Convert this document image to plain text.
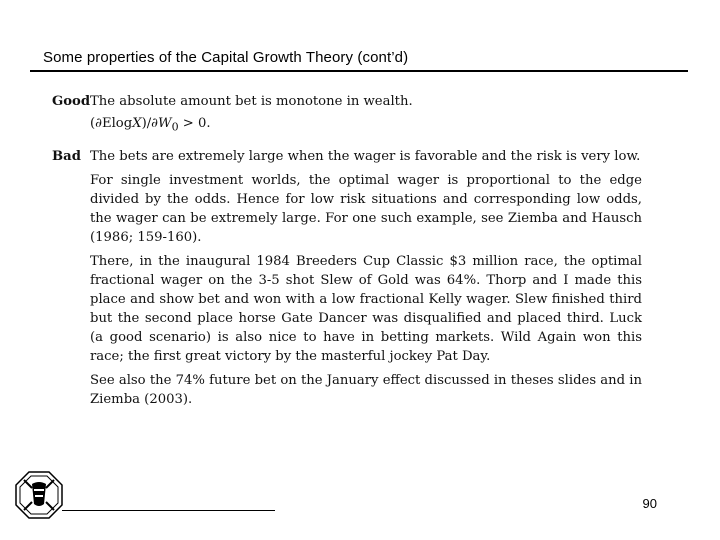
Some properties of the Capital Growth Theory (cont’d)
Good The absolute amount bet is monotone in wealth.
$(\partial ElogX)/\partial W_0 > 0$.
Bad The bets are extremely large when the wager is favorable and the risk is very low.

For single investment worlds, the optimal wager is proportional to the edge divided by the odds. Hence for low risk situations and corresponding low odds, the wager can be extremely large. For one such example, see Ziemba and Hausch (1986; 159-160).

There, in the inaugural 1984 Breeders Cup Classic $3 million race, the optimal fractional wager on the 3-5 shot Slew of Gold was 64%. Thorp and I made this place and show bet and won with a low fractional Kelly wager. Slew finished third but the second place horse Gate Dancer was disqualified and placed third. Luck (a good scenario) is also nice to have in betting markets. Wild Again won this race; the first great victory by the masterful jockey Pat Day.

See also the 74% future bet on the January effect discussed in theses slides and in Ziemba (2003).

90
